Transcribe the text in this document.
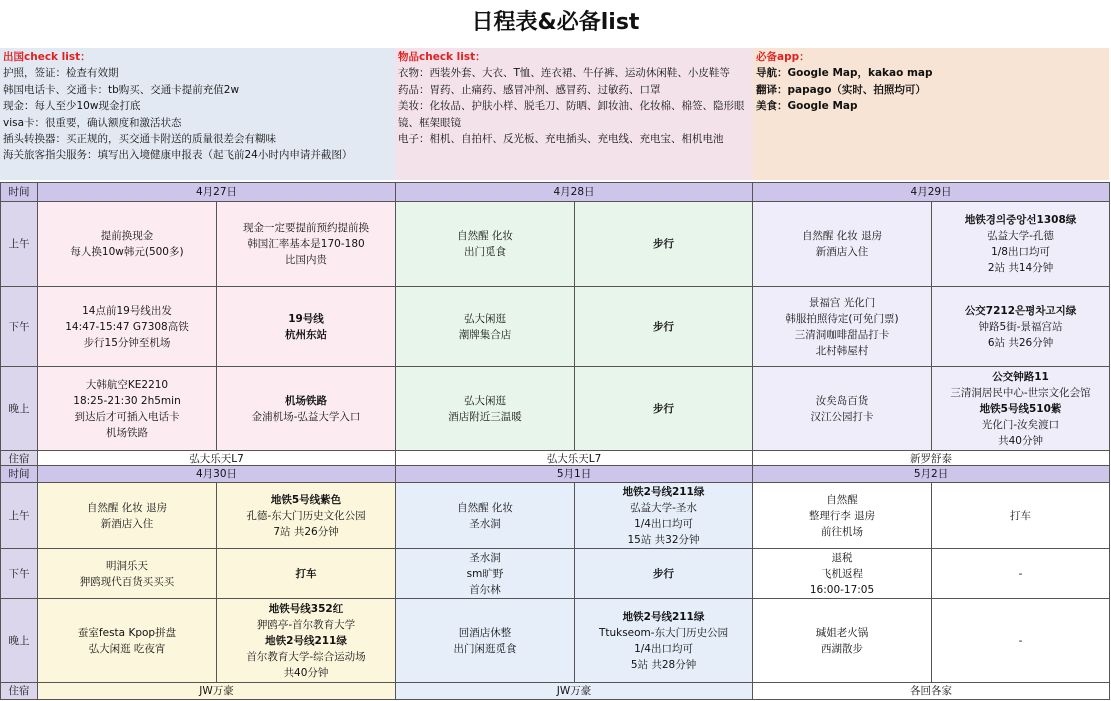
日程表&必备list
出国check list：
护照，签证：检查有效期
韩国电话卡、交通卡：tb购买、交通卡提前充值2w
现金：每人至少10w现金打底
visa卡：很重要，确认额度和激活状态
插头转换器：买正规的，买交通卡附送的质量很差会有糊味
海关旅客指尖服务：填写出入境健康申报表（起飞前24小时内申请并截图）
物品check list：
衣物：西装外套、大衣、T恤、连衣裙、牛仔裤、运动休闲鞋、小皮鞋等
药品：胃药、止痛药、感冒冲剂、感冒药、过敏药、口罩
美妆：化妆品、护肤小样、脱毛刀、防晒、卸妆油、化妆棉、棉签、隐形眼镜、框架眼镜
电子：相机、自拍杆、反光板、充电插头、充电线、充电宝、相机电池
必备app：
导航：Google Map，kakao map
翻译：papago（实时、拍照均可）
美食：Google Map
时间	4月27日		4月28日		4月29日	
上午	提前换现金
每人换10w韩元(500多)	现金一定要提前预约提前换
韩国汇率基本是170-180
比国内贵	自然醒 化妆
出门觅食	步行	自然醒 化妆 退房
新酒店入住	地铁경의중앙선1308绿
弘益大学-孔德
1/8出口均可
2站 共14分钟

下午	14点前19号线出发
14:47-15:47 G7308高铁
步行15分钟至机场	19号线
杭州东站	弘大闲逛
潮牌集合店	步行	景福宫 光化门
韩服拍照待定(可免门票)
三清洞咖啡甜品打卡
北村韩屋村	公交7212은평차고지绿
钟路5街-景福宫站
6站 共26分钟

晚上	大韩航空KE2210
18:25-21:30 2h5min
到达后才可插入电话卡
机场铁路	机场铁路
金浦机场-弘益大学入口	弘大闲逛
酒店附近三温暖	步行	汝矣岛百货
汉江公园打卡	公交钟路11
三清洞居民中心-世宗文化会馆
地铁5号线510紫
光化门-汝矣渡口
共40分钟

住宿	弘大乐天L7		弘大乐天L7		新罗舒泰	
时间	4月30日		5月1日		5月2日	
上午	自然醒 化妆 退房
新酒店入住	地铁5号线紫色
孔德-东大门历史文化公园
7站 共26分钟	自然醒 化妆
圣水洞	地铁2号线211绿
弘益大学-圣水
1/4出口均可
15站 共32分钟	自然醒
整理行李 退房
前往机场	打车

下午	明洞乐天
狎鸥现代百货买买买	打车	圣水洞
sm旷野
首尔林	步行	退税
飞机返程
16:00-17:05	-

晚上	蚕室festa Kpop拼盘
弘大闲逛 吃夜宵	地铁号线352红
狎鸥亭-首尔教育大学
地铁2号线211绿
首尔教育大学-综合运动场
共40分钟	回酒店休整
出门闲逛觅食	地铁2号线211绿
Ttukseom-东大门历史公园
1/4出口均可
5站 共28分钟	瑊姐老火锅
西湖散步	-

住宿	JW万豪		JW万豪		各回各家	
